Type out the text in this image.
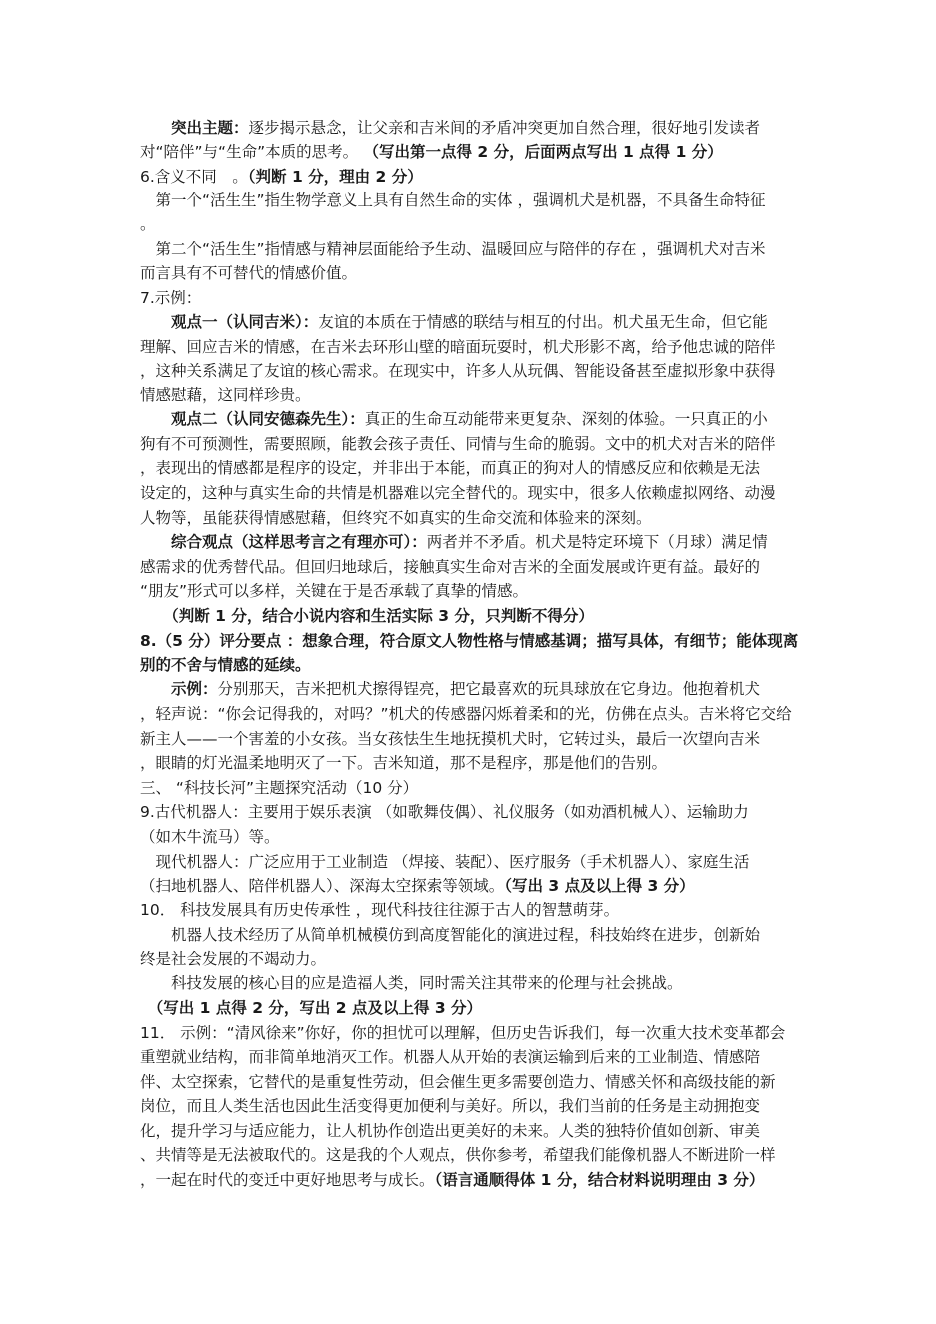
　　突出主题：逐步揭示悬念，让父亲和吉米间的矛盾冲突更加自然合理，很好地引发读者
对“陪伴”与“生命”本质的思考。 （写出第一点得 2 分，后面两点写出 1 点得 1 分）
6.含义不同　。（判断 1 分，理由 2 分）
　第一个“活生生”指生物学意义上具有自然生命的实体 ，强调机犬是机器，不具备生命特征
。
　第二个“活生生”指情感与精神层面能给予生动、温暖回应与陪伴的存在 ，强调机犬对吉米
而言具有不可替代的情感价值。
7.示例：
　　观点一（认同吉米）：友谊的本质在于情感的联结与相互的付出。机犬虽无生命，但它能
理解、回应吉米的情感，在吉米去环形山壁的暗面玩耍时，机犬形影不离，给予他忠诚的陪伴
，这种关系满足了友谊的核心需求。在现实中，许多人从玩偶、智能设备甚至虚拟形象中获得
情感慰藉，这同样珍贵。
　　观点二（认同安德森先生）：真正的生命互动能带来更复杂、深刻的体验。一只真正的小
狗有不可预测性，需要照顾，能教会孩子责任、同情与生命的脆弱。文中的机犬对吉米的陪伴
，表现出的情感都是程序的设定，并非出于本能，而真正的狗对人的情感反应和依赖是无法
设定的，这种与真实生命的共情是机器难以完全替代的。现实中，很多人依赖虚拟网络、动漫
人物等，虽能获得情感慰藉，但终究不如真实的生命交流和体验来的深刻。
　　综合观点（这样思考言之有理亦可）：两者并不矛盾。机犬是特定环境下（月球）满足情
感需求的优秀替代品。但回归地球后，接触真实生命对吉米的全面发展或许更有益。最好的
“朋友”形式可以多样，关键在于是否承载了真挚的情感。
　　（判断 1 分，结合小说内容和生活实际 3 分，只判断不得分）
8.（5 分）评分要点 ：想象合理，符合原文人物性格与情感基调；描写具体，有细节；能体现离
别的不舍与情感的延续。
　　示例：分别那天，吉米把机犬擦得锃亮，把它最喜欢的玩具球放在它身边。他抱着机犬
，轻声说：“你会记得我的，对吗？”机犬的传感器闪烁着柔和的光，仿佛在点头。吉米将它交给
新主人——一个害羞的小女孩。当女孩怯生生地抚摸机犬时，它转过头，最后一次望向吉米
，眼睛的灯光温柔地明灭了一下。吉米知道，那不是程序，那是他们的告别。
三、 “科技长河”主题探究活动（10 分）
9.古代机器人：主要用于娱乐表演 （如歌舞伎偶）、礼仪服务（如劝酒机械人）、运输助力
（如木牛流马）等。
　现代机器人：广泛应用于工业制造 （焊接、装配）、医疗服务（手术机器人）、家庭生活
（扫地机器人、陪伴机器人）、深海太空探索等领域。（写出 3 点及以上得 3 分）
10． 科技发展具有历史传承性 ，现代科技往往源于古人的智慧萌芽。
　　机器人技术经历了从简单机械模仿到高度智能化的演进过程，科技始终在进步，创新始
终是社会发展的不竭动力。
　　科技发展的核心目的应是造福人类，同时需关注其带来的伦理与社会挑战。
　（写出 1 点得 2 分，写出 2 点及以上得 3 分）
11． 示例：“清风徐来”你好，你的担忧可以理解，但历史告诉我们，每一次重大技术变革都会
重塑就业结构，而非简单地消灭工作。机器人从开始的表演运输到后来的工业制造、情感陪
伴、太空探索，它替代的是重复性劳动，但会催生更多需要创造力、情感关怀和高级技能的新
岗位，而且人类生活也因此生活变得更加便利与美好。所以，我们当前的任务是主动拥抱变
化，提升学习与适应能力，让人机协作创造出更美好的未来。人类的独特价值如创新、审美
、共情等是无法被取代的。这是我的个人观点，供你参考，希望我们能像机器人不断进阶一样
，一起在时代的变迁中更好地思考与成长。（语言通顺得体 1 分，结合材料说明理由 3 分）
